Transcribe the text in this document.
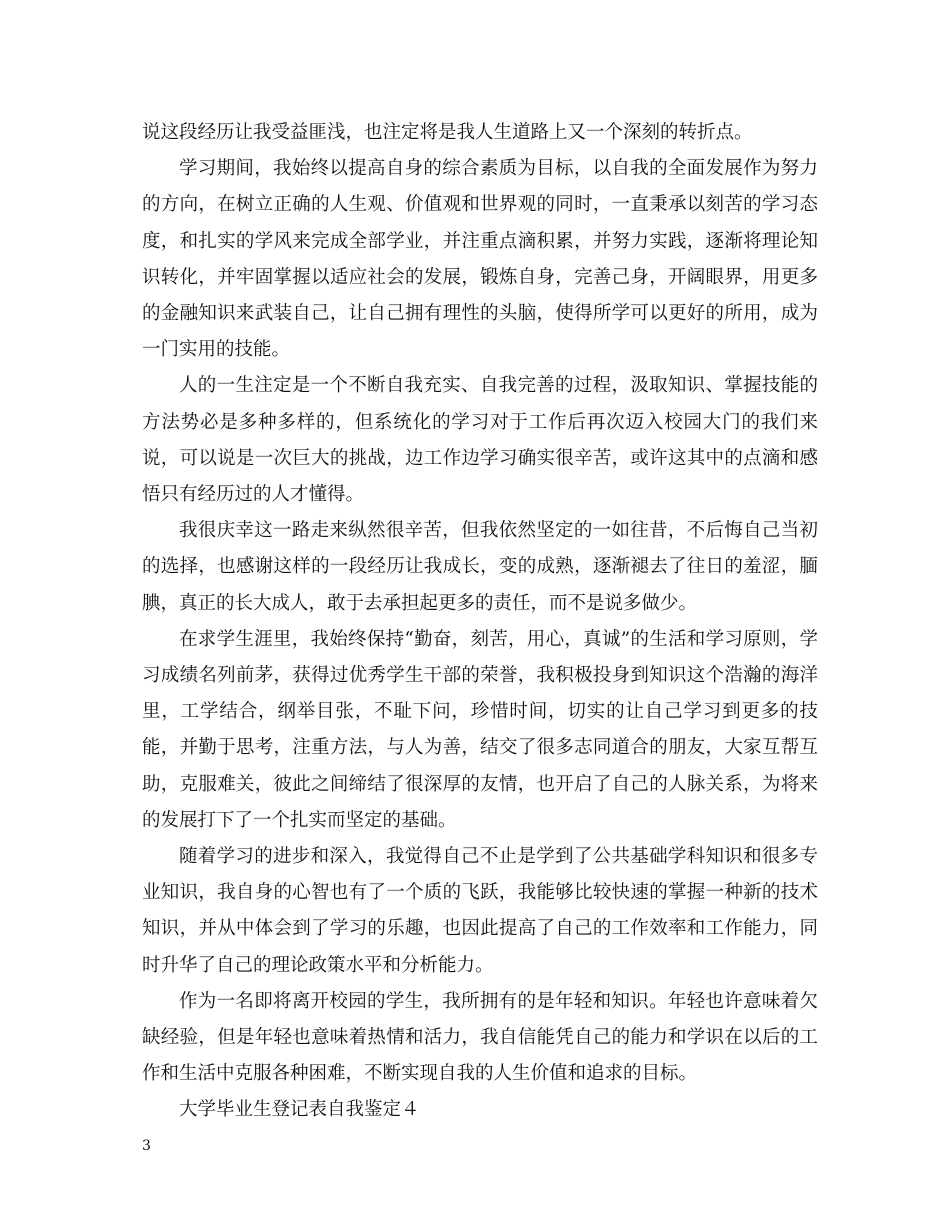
说这段经历让我受益匪浅，也注定将是我人生道路上又一个深刻的转折点。

学习期间，我始终以提高自身的综合素质为目标，以自我的全面发展作为努力的方向，在树立正确的人生观、价值观和世界观的同时，一直秉承以刻苦的学习态度，和扎实的学风来完成全部学业，并注重点滴积累，并努力实践，逐渐将理论知识转化，并牢固掌握以适应社会的发展，锻炼自身，完善己身，开阔眼界，用更多的金融知识来武装自己，让自己拥有理性的头脑，使得所学可以更好的所用，成为一门实用的技能。

人的一生注定是一个不断自我充实、自我完善的过程，汲取知识、掌握技能的方法势必是多种多样的，但系统化的学习对于工作后再次迈入校园大门的我们来说，可以说是一次巨大的挑战，边工作边学习确实很辛苦，或许这其中的点滴和感悟只有经历过的人才懂得。

我很庆幸这一路走来纵然很辛苦，但我依然坚定的一如往昔，不后悔自己当初的选择，也感谢这样的一段经历让我成长，变的成熟，逐渐褪去了往日的羞涩，腼腆，真正的长大成人，敢于去承担起更多的责任，而不是说多做少。

在求学生涯里，我始终保持“勤奋，刻苦，用心，真诚”的生活和学习原则，学习成绩名列前茅，获得过优秀学生干部的荣誉，我积极投身到知识这个浩瀚的海洋里，工学结合，纲举目张，不耻下问，珍惜时间，切实的让自己学习到更多的技能，并勤于思考，注重方法，与人为善，结交了很多志同道合的朋友，大家互帮互助，克服难关，彼此之间缔结了很深厚的友情，也开启了自己的人脉关系，为将来的发展打下了一个扎实而坚定的基础。

随着学习的进步和深入，我觉得自己不止是学到了公共基础学科知识和很多专业知识，我自身的心智也有了一个质的飞跃，我能够比较快速的掌握一种新的技术知识，并从中体会到了学习的乐趣，也因此提高了自己的工作效率和工作能力，同时升华了自己的理论政策水平和分析能力。

作为一名即将离开校园的学生，我所拥有的是年轻和知识。年轻也许意味着欠缺经验，但是年轻也意味着热情和活力，我自信能凭自己的能力和学识在以后的工作和生活中克服各种困难，不断实现自我的人生价值和追求的目标。

大学毕业生登记表自我鉴定４

3
